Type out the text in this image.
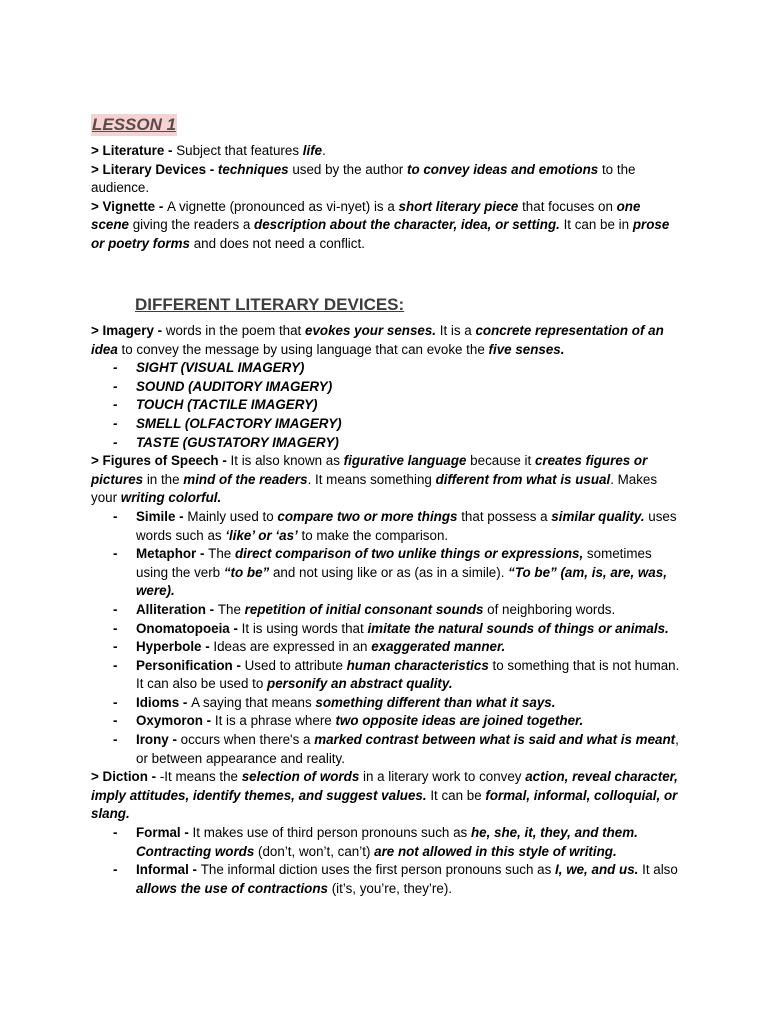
LESSON 1

> Literature - Subject that features life.

> Literary Devices - techniques used by the author to convey ideas and emotions to the audience.

> Vignette - A vignette (pronounced as vi-nyet) is a short literary piece that focuses on one scene giving the readers a description about the character, idea, or setting. It can be in prose or poetry forms and does not need a conflict.

DIFFERENT LITERARY DEVICES:

> Imagery - words in the poem that evokes your senses. It is a concrete representation of an idea to convey the message by using language that can evoke the five senses.

- SIGHT (VISUAL IMAGERY)
- SOUND (AUDITORY IMAGERY)
- TOUCH (TACTILE IMAGERY)
- SMELL (OLFACTORY IMAGERY)
- TASTE (GUSTATORY IMAGERY)

> Figures of Speech - It is also known as figurative language because it creates figures or pictures in the mind of the readers. It means something different from what is usual. Makes your writing colorful.

- Simile - Mainly used to compare two or more things that possess a similar quality. uses words such as ‘like’ or ‘as’ to make the comparison.
- Metaphor - The direct comparison of two unlike things or expressions, sometimes using the verb “to be” and not using like or as (as in a simile). “To be” (am, is, are, was, were).
- Alliteration - The repetition of initial consonant sounds of neighboring words.
- Onomatopoeia - It is using words that imitate the natural sounds of things or animals.
- Hyperbole - Ideas are expressed in an exaggerated manner.
- Personification - Used to attribute human characteristics to something that is not human. It can also be used to personify an abstract quality.
- Idioms - A saying that means something different than what it says.
- Oxymoron - It is a phrase where two opposite ideas are joined together.
- Irony - occurs when there's a marked contrast between what is said and what is meant, or between appearance and reality.

> Diction - -It means the selection of words in a literary work to convey action, reveal character, imply attitudes, identify themes, and suggest values. It can be formal, informal, colloquial, or slang.

- Formal - It makes use of third person pronouns such as he, she, it, they, and them. Contracting words (don’t, won’t, can’t) are not allowed in this style of writing.
- Informal - The informal diction uses the first person pronouns such as I, we, and us. It also allows the use of contractions (it’s, you’re, they’re).
